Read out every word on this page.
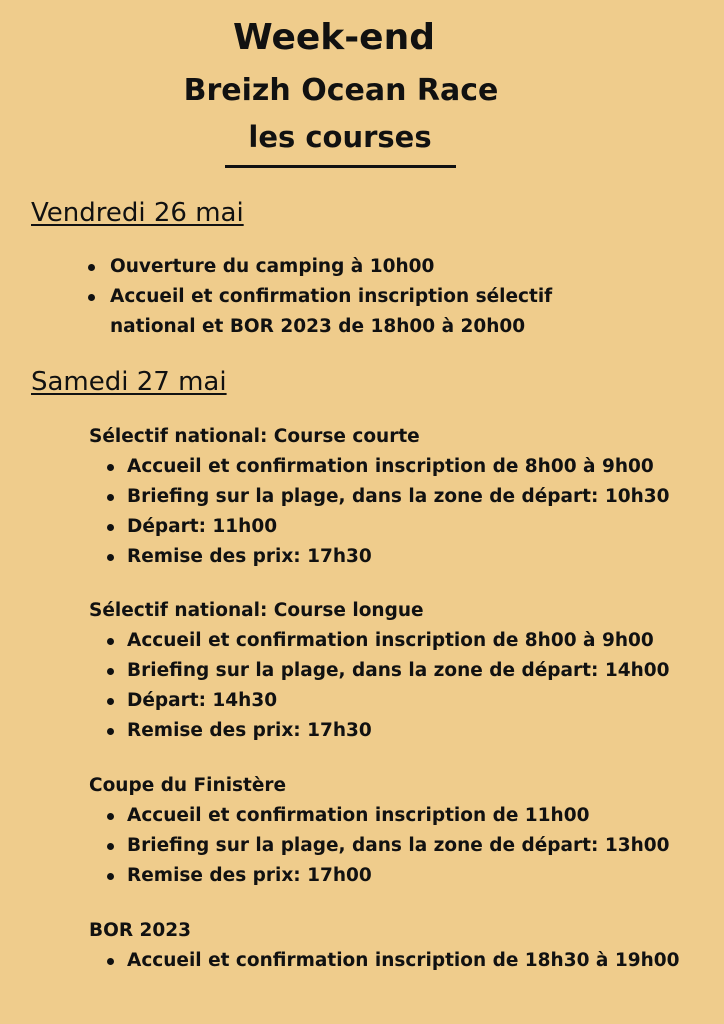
Week-end
Breizh Ocean Race
les courses
Vendredi 26 mai
Ouverture du camping à 10h00
Accueil et confirmation inscription sélectif national et BOR 2023 de 18h00 à 20h00
Samedi 27 mai
Sélectif national: Course courte
Accueil et confirmation inscription de 8h00 à 9h00
Briefing sur la plage, dans la zone de départ: 10h30
Départ: 11h00
Remise des prix: 17h30
Sélectif national: Course longue
Accueil et confirmation inscription de 8h00 à 9h00
Briefing sur la plage, dans la zone de départ: 14h00
Départ: 14h30
Remise des prix: 17h30
Coupe du Finistère
Accueil et confirmation inscription de 11h00
Briefing sur la plage, dans la zone de départ: 13h00
Remise des prix: 17h00
BOR 2023
Accueil et confirmation inscription de 18h30 à 19h00
